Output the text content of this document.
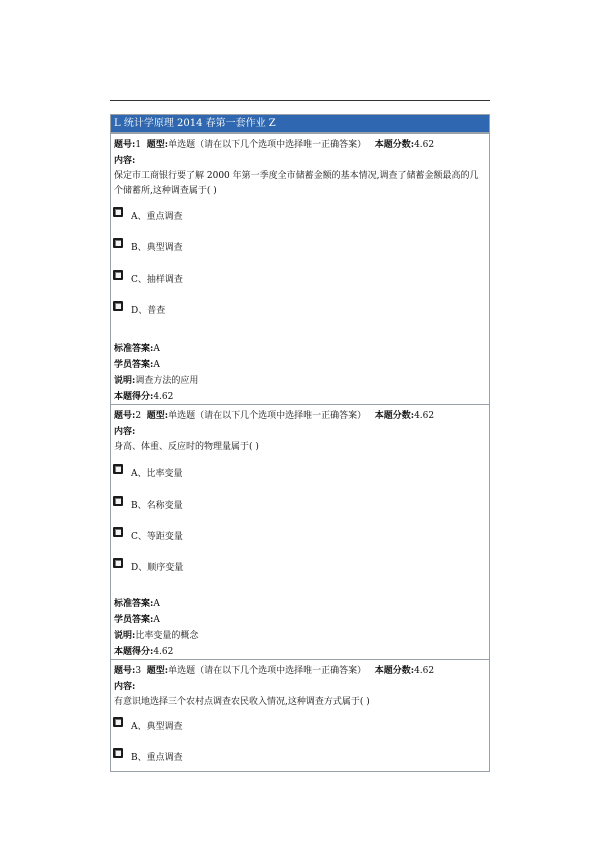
L 统计学原理 2014 春第一套作业 Z
题号:1 题型:单选题（请在以下几个选项中选择唯一正确答案） 本题分数:4.62
内容:
保定市工商银行要了解 2000 年第一季度全市储蓄金额的基本情况,调查了储蓄金额最高的几个储蓄所,这种调查属于( )
A、重点调查
B、典型调查
C、抽样调查
D、普查
标准答案:A
学员答案:A
说明:调查方法的应用
本题得分:4.62
题号:2 题型:单选题（请在以下几个选项中选择唯一正确答案） 本题分数:4.62
内容:
身高、体重、反应时的物理量属于( )
A、比率变量
B、名称变量
C、等距变量
D、顺序变量
标准答案:A
学员答案:A
说明:比率变量的概念
本题得分:4.62
题号:3 题型:单选题（请在以下几个选项中选择唯一正确答案） 本题分数:4.62
内容:
有意识地选择三个农村点调查农民收入情况,这种调查方式属于( )
A、典型调查
B、重点调查
